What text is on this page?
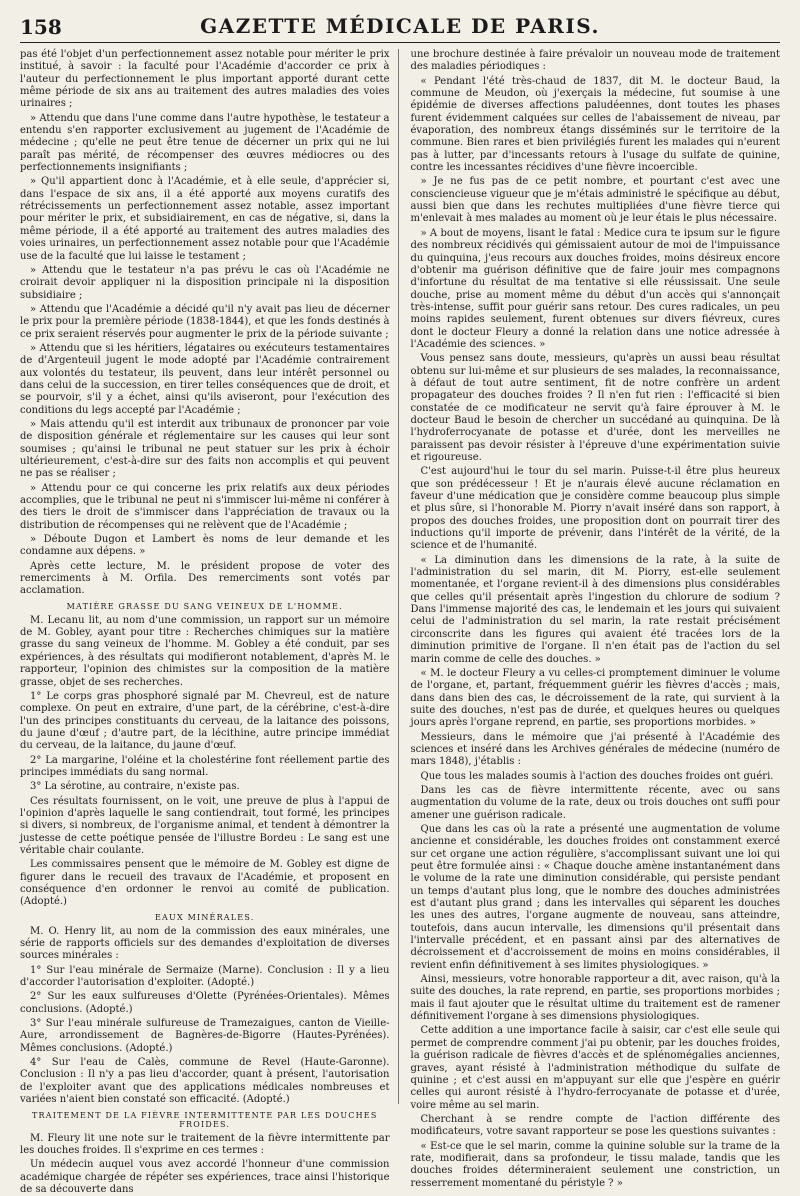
158	GAZETTE MÉDICALE DE PARIS.

pas été l'objet d'un perfectionnement assez notable pour mériter le prix institué, à savoir : la faculté pour l'Académie d'accorder ce prix à l'auteur du perfectionnement le plus important apporté durant cette même période de six ans au traitement des autres maladies des voies urinaires ;

» Attendu que dans l'une comme dans l'autre hypothèse, le testateur a entendu s'en rapporter exclusivement au jugement de l'Académie de médecine ; qu'elle ne peut être tenue de décerner un prix qui ne lui paraît pas mérité, de récompenser des œuvres médiocres ou des perfectionnements insignifiants ;

» Qu'il appartient donc à l'Académie, et à elle seule, d'apprécier si, dans l'espace de six ans, il a été apporté aux moyens curatifs des rétrécissements un perfectionnement assez notable, assez important pour mériter le prix, et subsidiairement, en cas de négative, si, dans la même période, il a été apporté au traitement des autres maladies des voies urinaires, un perfectionnement assez notable pour que l'Académie use de la faculté que lui laisse le testament ;

» Attendu que le testateur n'a pas prévu le cas où l'Académie ne croirait devoir appliquer ni la disposition principale ni la disposition subsidiaire ;

» Attendu que l'Académie a décidé qu'il n'y avait pas lieu de décerner le prix pour la première période (1838-1844), et que les fonds destinés à ce prix seraient réservés pour augmenter le prix de la période suivante ;

» Attendu que si les héritiers, légataires ou exécuteurs testamentaires de d'Argenteuil jugent le mode adopté par l'Académie contrairement aux volontés du testateur, ils peuvent, dans leur intérêt personnel ou dans celui de la succession, en tirer telles conséquences que de droit, et se pourvoir, s'il y a échet, ainsi qu'ils aviseront, pour l'exécution des conditions du legs accepté par l'Académie ;

» Mais attendu qu'il est interdit aux tribunaux de prononcer par voie de disposition générale et réglementaire sur les causes qui leur sont soumises ; qu'ainsi le tribunal ne peut statuer sur les prix à échoir ultérieurement, c'est-à-dire sur des faits non accomplis et qui peuvent ne pas se réaliser ;

» Attendu pour ce qui concerne les prix relatifs aux deux périodes accomplies, que le tribunal ne peut ni s'immiscer lui-même ni conférer à des tiers le droit de s'immiscer dans l'appréciation de travaux ou la distribution de récompenses qui ne relèvent que de l'Académie ;

» Déboute Dugon et Lambert ès noms de leur demande et les condamne aux dépens. »

Après cette lecture, M. le président propose de voter des remerciments à M. Orfila. Des remerciments sont votés par acclamation.

MATIÈRE GRASSE DU SANG VEINEUX DE L'HOMME.

M. Lecanu lit, au nom d'une commission, un rapport sur un mémoire de M. Gobley, ayant pour titre : Recherches chimiques sur la matière grasse du sang veineux de l'homme. M. Gobley a été conduit, par ses expériences, à des résultats qui modifieront notablement, d'après M. le rapporteur, l'opinion des chimistes sur la composition de la matière grasse, objet de ses recherches.

1° Le corps gras phosphoré signalé par M. Chevreul, est de nature complexe. On peut en extraire, d'une part, de la cérébrine, c'est-à-dire l'un des principes constituants du cerveau, de la laitance des poissons, du jaune d'œuf ; d'autre part, de la lécithine, autre principe immédiat du cerveau, de la laitance, du jaune d'œuf.

2° La margarine, l'oléine et la cholestérine font réellement partie des principes immédiats du sang normal.

3° La sérotine, au contraire, n'existe pas.

Ces résultats fournissent, on le voit, une preuve de plus à l'appui de l'opinion d'après laquelle le sang contiendrait, tout formé, les principes si divers, si nombreux, de l'organisme animal, et tendent à démontrer la justesse de cette poétique pensée de l'illustre Bordeu : Le sang est une véritable chair coulante.

Les commissaires pensent que le mémoire de M. Gobley est digne de figurer dans le recueil des travaux de l'Académie, et proposent en conséquence d'en ordonner le renvoi au comité de publication. (Adopté.)

EAUX MINÉRALES.

M. O. Henry lit, au nom de la commission des eaux minérales, une série de rapports officiels sur des demandes d'exploitation de diverses sources minérales :

1° Sur l'eau minérale de Sermaize (Marne). Conclusion : Il y a lieu d'accorder l'autorisation d'exploiter. (Adopté.)

2° Sur les eaux sulfureuses d'Olette (Pyrénées-Orientales). Mêmes conclusions. (Adopté.)

3° Sur l'eau minérale sulfureuse de Tramezaigues, canton de Vieille-Aure, arrondissement de Bagnères-de-Bigorre (Hautes-Pyrénées). Mêmes conclusions. (Adopté.)

4° Sur l'eau de Calès, commune de Revel (Haute-Garonne). Conclusion : Il n'y a pas lieu d'accorder, quant à présent, l'autorisation de l'exploiter avant que des applications médicales nombreuses et variées n'aient bien constaté son efficacité. (Adopté.)

TRAITEMENT DE LA FIÈVRE INTERMITTENTE PAR LES DOUCHES FROIDES.

M. Fleury lit une note sur le traitement de la fièvre intermittente par les douches froides. Il s'exprime en ces termes :

Un médecin auquel vous avez accordé l'honneur d'une commission académique chargée de répéter ses expériences, trace ainsi l'historique de sa découverte dans

une brochure destinée à faire prévaloir un nouveau mode de traitement des maladies périodiques :

« Pendant l'été très-chaud de 1837, dit M. le docteur Baud, la commune de Meudon, où j'exerçais la médecine, fut soumise à une épidémie de diverses affections paludéennes, dont toutes les phases furent évidemment calquées sur celles de l'abaissement de niveau, par évaporation, des nombreux étangs disséminés sur le territoire de la commune. Bien rares et bien privilégiés furent les malades qui n'eurent pas à lutter, par d'incessants retours à l'usage du sulfate de quinine, contre les incessantes récidives d'une fièvre incoercible.

» Je ne fus pas de ce petit nombre, et pourtant c'est avec une consciencieuse vigueur que je m'étais administré le spécifique au début, aussi bien que dans les rechutes multipliées d'une fièvre tierce qui m'enlevait à mes malades au moment où je leur étais le plus nécessaire.

» A bout de moyens, lisant le fatal : Medice cura te ipsum sur le figure des nombreux récidivés qui gémissaient autour de moi de l'impuissance du quinquina, j'eus recours aux douches froides, moins désireux encore d'obtenir ma guérison définitive que de faire jouir mes compagnons d'infortune du résultat de ma tentative si elle réussissait. Une seule douche, prise au moment même du début d'un accès qui s'annonçait très-intense, suffit pour guérir sans retour. Des cures radicales, un peu moins rapides seulement, furent obtenues sur divers fiévreux, cures dont le docteur Fleury a donné la relation dans une notice adressée à l'Académie des sciences. »

Vous pensez sans doute, messieurs, qu'après un aussi beau résultat obtenu sur lui-même et sur plusieurs de ses malades, la reconnaissance, à défaut de tout autre sentiment, fit de notre confrère un ardent propagateur des douches froides ? Il n'en fut rien : l'efficacité si bien constatée de ce modificateur ne servit qu'à faire éprouver à M. le docteur Baud le besoin de chercher un succédané au quinquina. De là l'hydroferrocyanate de potasse et d'urée, dont les merveilles ne paraissent pas devoir résister à l'épreuve d'une expérimentation suivie et rigoureuse.

C'est aujourd'hui le tour du sel marin. Puisse-t-il être plus heureux que son prédécesseur ! Et je n'aurais élevé aucune réclamation en faveur d'une médication que je considère comme beaucoup plus simple et plus sûre, si l'honorable M. Piorry n'avait inséré dans son rapport, à propos des douches froides, une proposition dont on pourrait tirer des inductions qu'il importe de prévenir, dans l'intérêt de la vérité, de la science et de l'humanité.

« La diminution dans les dimensions de la rate, à la suite de l'administration du sel marin, dit M. Piorry, est-elle seulement momentanée, et l'organe revient-il à des dimensions plus considérables que celles qu'il présentait après l'ingestion du chlorure de sodium ? Dans l'immense majorité des cas, le lendemain et les jours qui suivaient celui de l'administration du sel marin, la rate restait précisément circonscrite dans les figures qui avaient été tracées lors de la diminution primitive de l'organe. Il n'en était pas de l'action du sel marin comme de celle des douches. »

« M. le docteur Fleury a vu celles-ci promptement diminuer le volume de l'organe, et, partant, fréquemment guérir les fièvres d'accès ; mais, dans dans bien des cas, le décroissement de la rate, qui survient à la suite des douches, n'est pas de durée, et quelques heures ou quelques jours après l'organe reprend, en partie, ses proportions morbides. »

Messieurs, dans le mémoire que j'ai présenté à l'Académie des sciences et inséré dans les Archives générales de médecine (numéro de mars 1848), j'établis :

Que tous les malades soumis à l'action des douches froides ont guéri.

Dans les cas de fièvre intermittente récente, avec ou sans augmentation du volume de la rate, deux ou trois douches ont suffi pour amener une guérison radicale.

Que dans les cas où la rate a présenté une augmentation de volume ancienne et considérable, les douches froides ont constamment exercé sur cet organe une action régulière, s'accomplissant suivant une loi qui peut être formulée ainsi : « Chaque douche amène instantanément dans le volume de la rate une diminution considérable, qui persiste pendant un temps d'autant plus long, que le nombre des douches administrées est d'autant plus grand ; dans les intervalles qui séparent les douches les unes des autres, l'organe augmente de nouveau, sans atteindre, toutefois, dans aucun intervalle, les dimensions qu'il présentait dans l'intervalle précédent, et en passant ainsi par des alternatives de décroissement et d'accroissement de moins en moins considérables, il revient enfin définitivement à ses limites physiologiques. »

Ainsi, messieurs, votre honorable rapporteur a dit, avec raison, qu'à la suite des douches, la rate reprend, en partie, ses proportions morbides ; mais il faut ajouter que le résultat ultime du traitement est de ramener définitivement l'organe à ses dimensions physiologiques.

Cette addition a une importance facile à saisir, car c'est elle seule qui permet de comprendre comment j'ai pu obtenir, par les douches froides, la guérison radicale de fièvres d'accès et de splénomégalies anciennes, graves, ayant résisté à l'administration méthodique du sulfate de quinine ; et c'est aussi en m'appuyant sur elle que j'espère en guérir celles qui auront résisté à l'hydro-ferrocyanate de potasse et d'urée, voire même au sel marin.

Cherchant à se rendre compte de l'action différente des modificateurs, votre savant rapporteur se pose les questions suivantes :

« Est-ce que le sel marin, comme la quinine soluble sur la trame de la rate, modifierait, dans sa profondeur, le tissu malade, tandis que les douches froides détermineraient seulement une constriction, un resserrement momentané du péristyle ? »
